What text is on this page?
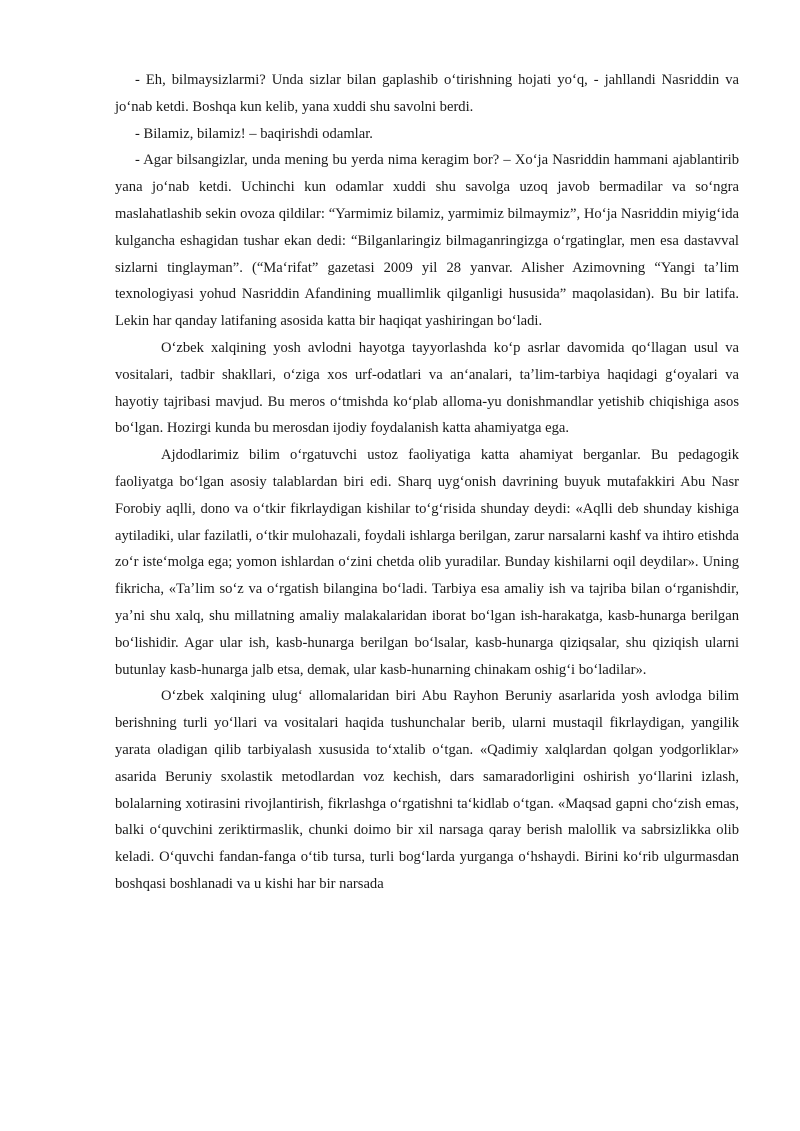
- Eh, bilmaysizlarmi? Unda sizlar bilan gaplashib oʻtirishning hojati yoʻq, - jahllandi Nasriddin va joʻnab ketdi. Boshqa kun kelib, yana xuddi shu savolni berdi.

- Bilamiz, bilamiz! – baqirishdi odamlar.

- Agar bilsangizlar, unda mening bu yerda nima keragim bor? – Xoʻja Nasriddin hammani ajablantirib yana joʻnab ketdi. Uchinchi kun odamlar xuddi shu savolga uzoq javob bermadilar va soʻngra maslahatlashib sekin ovoza qildilar: “Yarmimiz bilamiz, yarmimiz bilmaymiz”, Hoʻja Nasriddin miyigʻida kulgancha eshagidan tushar ekan dedi: “Bilganlaringiz bilmaganringizga oʻrgatinglar, men esa dastavval sizlarni tinglayman”. (“Maʻrifat” gazetasi 2009 yil 28 yanvar. Alisher Azimovning “Yangi taʼlim texnologiyasi yohud Nasriddin Afandining muallimlik qilganligi hususida” maqolasidan). Bu bir latifa. Lekin har qanday latifaning asosida katta bir haqiqat yashiringan boʻladi.

Oʻzbek xalqining yosh avlodni hayotga tayyorlashda koʻp asrlar davomida qoʻllagan usul va vositalari, tadbir shakllari, oʻziga xos urf-odatlari va anʻanalari, taʼlim-tarbiya haqidagi gʻoyalari va hayotiy tajribasi mavjud. Bu meros oʻtmishda koʻplab alloma-yu donishmandlar yetishib chiqishiga asos boʻlgan. Hozirgi kunda bu merosdan ijodiy foydalanish katta ahamiyatga ega.

Ajdodlarimiz bilim oʻrgatuvchi ustoz faoliyatiga katta ahamiyat berganlar. Bu pedagogik faoliyatga boʻlgan asosiy talablardan biri edi. Sharq uygʻonish davrining buyuk mutafakkiri Abu Nasr Forobiy aqlli, dono va oʻtkir fikrlaydigan kishilar toʻgʻrisida shunday deydi: «Aqlli deb shunday kishiga aytiladiki, ular fazilatli, oʻtkir mulohazali, foydali ishlarga berilgan, zarur narsalarni kashf va ihtiro etishda zoʻr isteʻmolga ega; yomon ishlardan oʻzini chetda olib yuradilar. Bunday kishilarni oqil deydilar». Uning fikricha, «Taʼlim soʻz va oʻrgatish bilangina boʻladi. Tarbiya esa amaliy ish va tajriba bilan oʻrganishdir, yaʼni shu xalq, shu millatning amaliy malakalaridan iborat boʻlgan ish-harakatga, kasb-hunarga berilgan boʻlishidir. Agar ular ish, kasb-hunarga berilgan boʻlsalar, kasb-hunarga qiziqsalar, shu qiziqish ularni butunlay kasb-hunarga jalb etsa, demak, ular kasb-hunarning chinakam oshigʻi boʻladilar».

Oʻzbek xalqining ulugʻ allomalaridan biri Abu Rayhon Beruniy asarlarida yosh avlodga bilim berishning turli yoʻllari va vositalari haqida tushunchalar berib, ularni mustaqil fikrlaydigan, yangilik yarata oladigan qilib tarbiyalash xususida toʻxtalib oʻtgan. «Qadimiy xalqlardan qolgan yodgorliklar» asarida Beruniy sxolastik metodlardan voz kechish, dars samaradorligini oshirish yoʻllarini izlash, bolalarning xotirasini rivojlantirish, fikrlashga oʻrgatishni taʻkidlab oʻtgan. «Maqsad gapni choʻzish emas, balki oʻquvchini zeriktirmaslik, chunki doimo bir xil narsaga qaray berish malollik va sabrsizlikka olib keladi. Oʻquvchi fandan-fanga oʻtib tursa, turli bogʻlarda yurganga oʻhshaydi. Birini koʻrib ulgurmasdan boshqasi boshlanadi va u kishi har bir narsada
